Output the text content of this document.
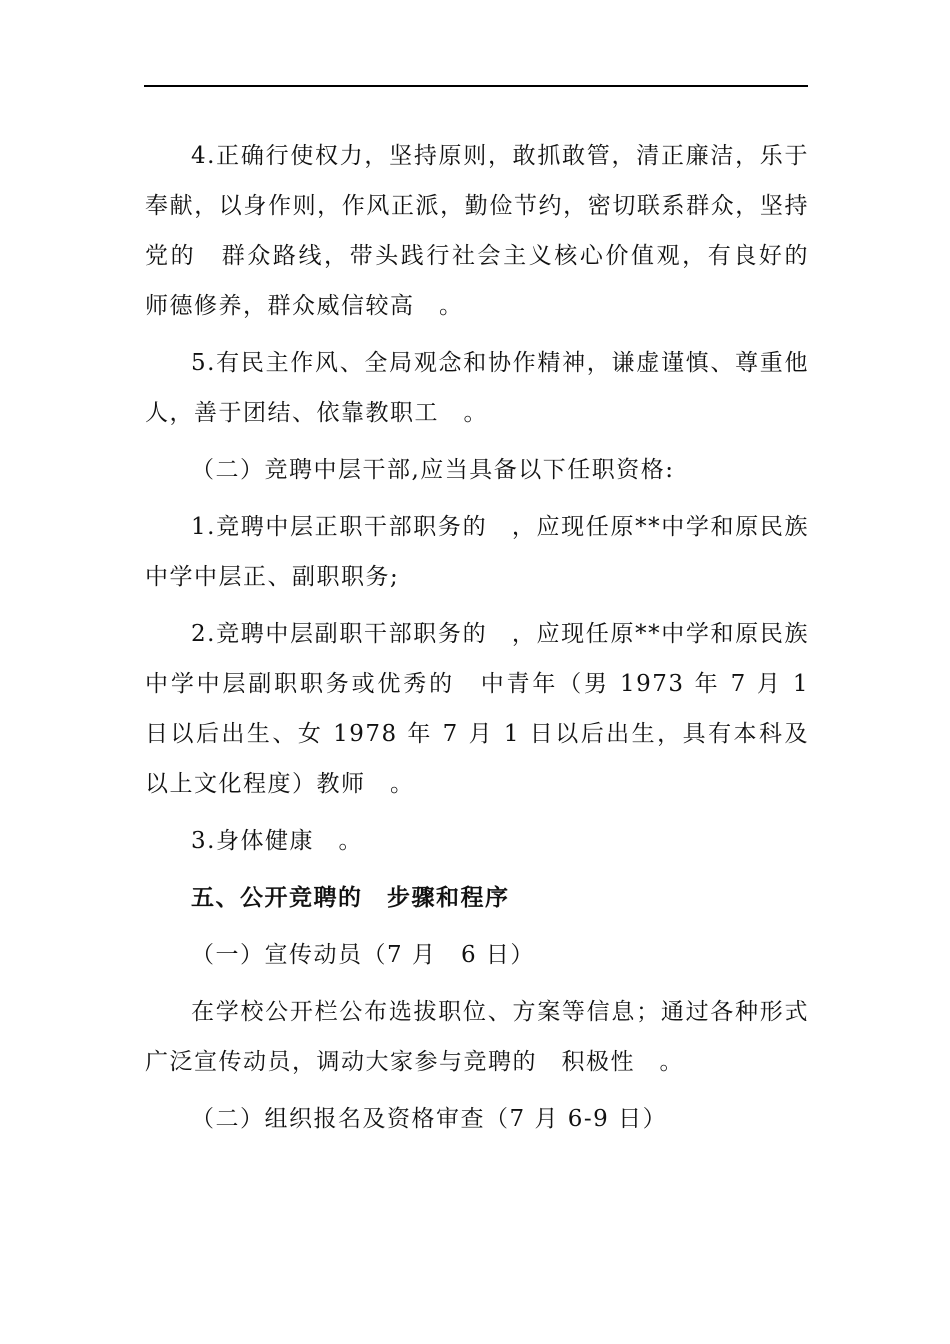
4.正确行使权力，坚持原则，敢抓敢管，清正廉洁，乐于奉献，以身作则，作风正派，勤俭节约，密切联系群众，坚持党的　群众路线，带头践行社会主义核心价值观，有良好的　师德修养，群众威信较高　。

5.有民主作风、全局观念和协作精神，谦虚谨慎、尊重他人，善于团结、依靠教职工　。

（二）竞聘中层干部,应当具备以下任职资格:

1.竞聘中层正职干部职务的　，应现任原**中学和原民族中学中层正、副职职务;

2.竞聘中层副职干部职务的　，应现任原**中学和原民族中学中层副职职务或优秀的　中青年（男 1973 年 7 月 1 日以后出生、女 1978 年 7 月 1 日以后出生，具有本科及以上文化程度）教师　。

3.身体健康　。

五、公开竞聘的　步骤和程序

（一）宣传动员（7 月　6 日）

在学校公开栏公布选拔职位、方案等信息；通过各种形式广泛宣传动员，调动大家参与竞聘的　积极性　。

（二）组织报名及资格审查（7 月 6-9 日）
